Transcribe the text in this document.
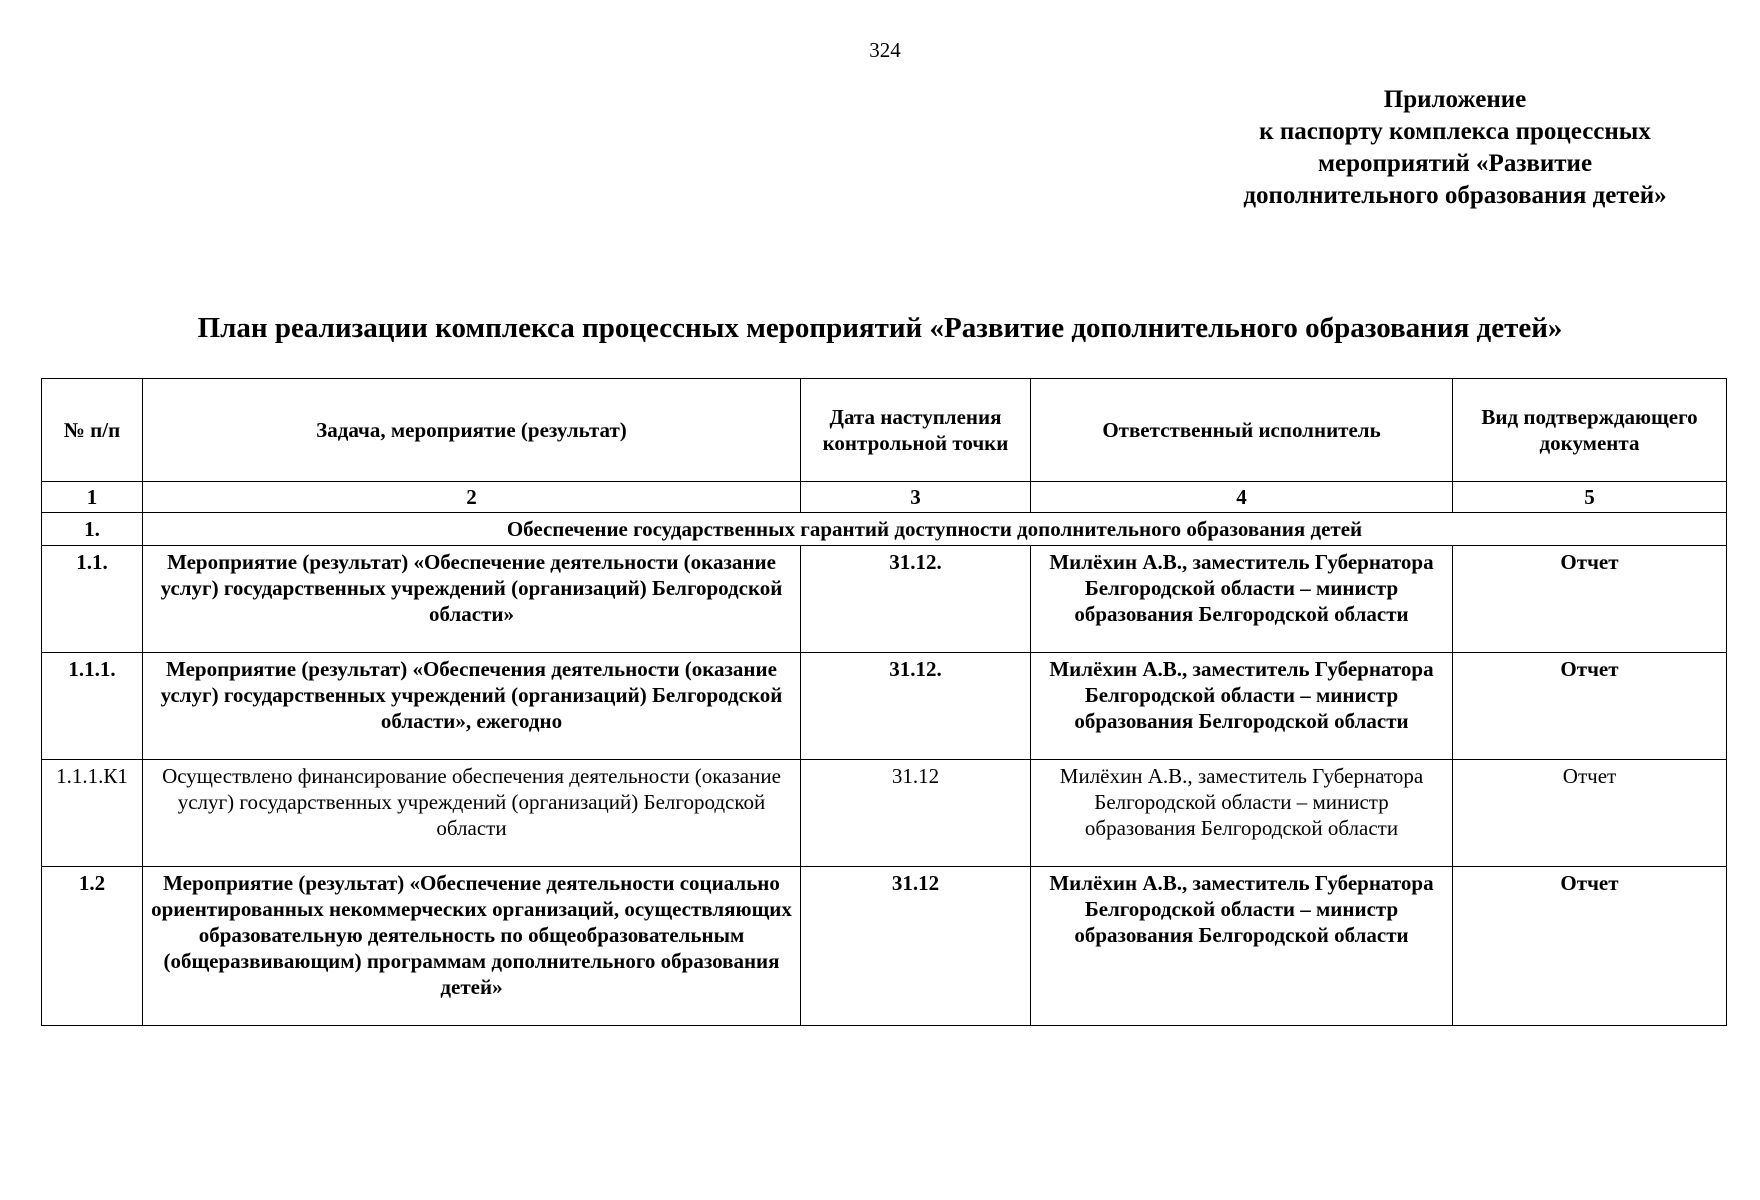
324
Приложение
к паспорту комплекса процессных
мероприятий «Развитие
дополнительного образования детей»
План реализации комплекса процессных мероприятий «Развитие дополнительного образования детей»
№ п/п	Задача, мероприятие (результат)	Дата наступления контрольной точки	Ответственный исполнитель	Вид подтверждающего документа
1	2	3	4	5
1.	Обеспечение государственных гарантий доступности дополнительного образования детей			
1.1.	Мероприятие (результат) «Обеспечение деятельности (оказание услуг) государственных учреждений (организаций) Белгородской области»	31.12.	Милёхин А.В., заместитель Губернатора Белгородской области – министр образования Белгородской области	Отчет
1.1.1.	Мероприятие (результат) «Обеспечения деятельности (оказание услуг) государственных учреждений (организаций) Белгородской области», ежегодно	31.12.	Милёхин А.В., заместитель Губернатора Белгородской области – министр образования Белгородской области	Отчет
1.1.1.К1	Осуществлено финансирование обеспечения деятельности (оказание услуг) государственных учреждений (организаций) Белгородской области	31.12	Милёхин А.В., заместитель Губернатора Белгородской области – министр образования Белгородской области	Отчет
1.2	Мероприятие (результат) «Обеспечение деятельности социально ориентированных некоммерческих организаций, осуществляющих образовательную деятельность по общеобразовательным (общеразвивающим) программам дополнительного образования детей»	31.12	Милёхин А.В., заместитель Губернатора Белгородской области – министр образования Белгородской области	Отчет
